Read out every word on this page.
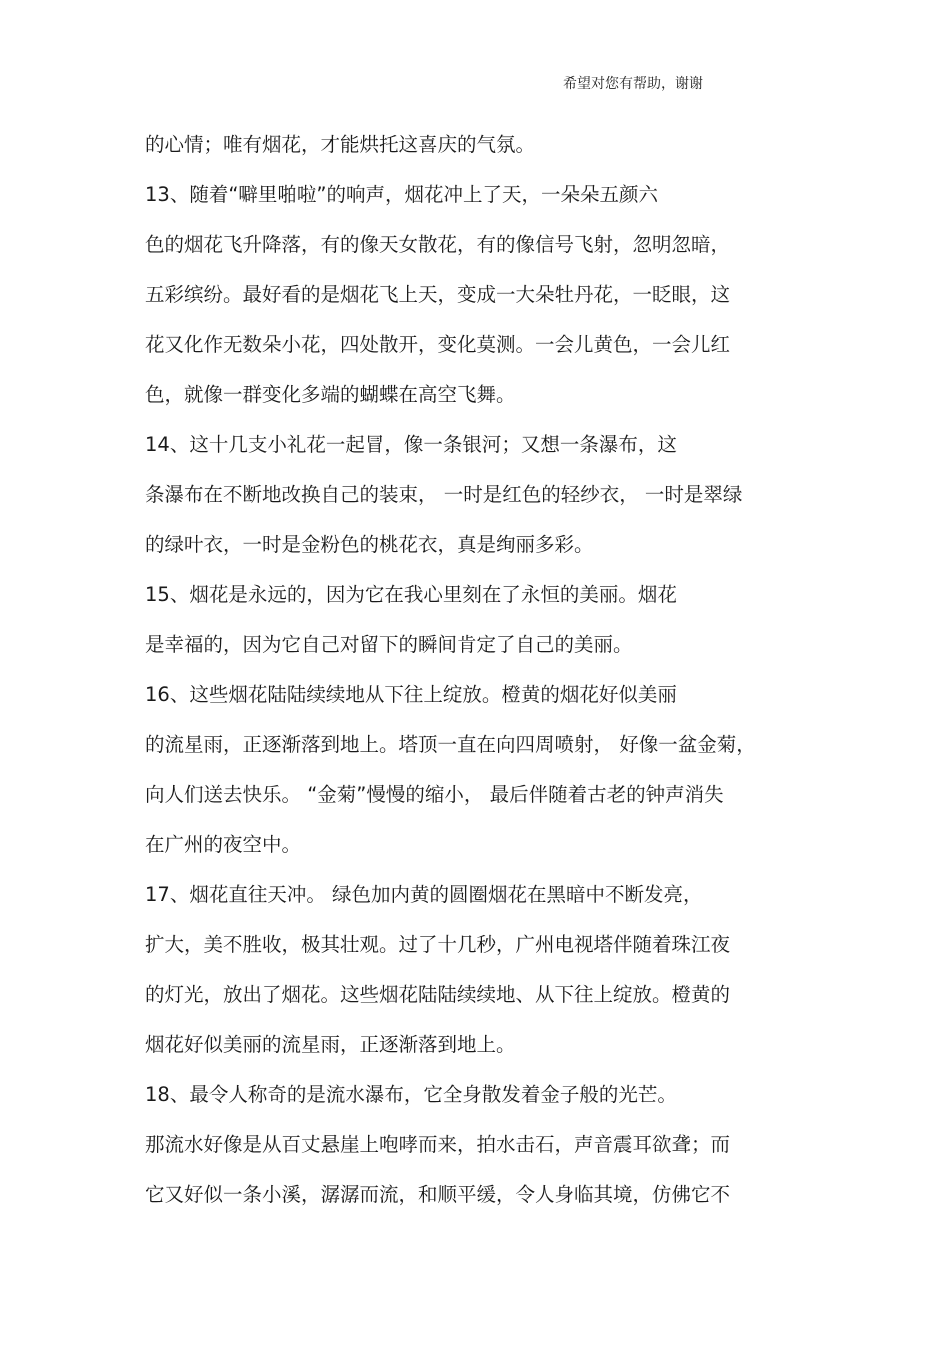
希望对您有帮助，谢谢
的心情；唯有烟花，才能烘托这喜庆的气氛。
13、随着“噼里啪啦”的响声，烟花冲上了天，一朵朵五颜六
色的烟花飞升降落，有的像天女散花，有的像信号飞射，忽明忽暗，
五彩缤纷。最好看的是烟花飞上天，变成一大朵牡丹花，一眨眼，这
花又化作无数朵小花，四处散开，变化莫测。一会儿黄色，一会儿红
色，就像一群变化多端的蝴蝶在高空飞舞。
14、这十几支小礼花一起冒，像一条银河；又想一条瀑布，这
条瀑布在不断地改换自己的装束， 一时是红色的轻纱衣， 一时是翠绿
的绿叶衣，一时是金粉色的桃花衣，真是绚丽多彩。
15、烟花是永远的，因为它在我心里刻在了永恒的美丽。烟花
是幸福的，因为它自己对留下的瞬间肯定了自己的美丽。
16、这些烟花陆陆续续地从下往上绽放。橙黄的烟花好似美丽
的流星雨，正逐渐落到地上。塔顶一直在向四周喷射， 好像一盆金菊，
向人们送去快乐。 “金菊”慢慢的缩小， 最后伴随着古老的钟声消失
在广州的夜空中。
17、烟花直往天冲。 绿色加内黄的圆圈烟花在黑暗中不断发亮，
扩大，美不胜收，极其壮观。过了十几秒，广州电视塔伴随着珠江夜
的灯光，放出了烟花。这些烟花陆陆续续地、从下往上绽放。橙黄的
烟花好似美丽的流星雨，正逐渐落到地上。
18、最令人称奇的是流水瀑布，它全身散发着金子般的光芒。
那流水好像是从百丈悬崖上咆哮而来，拍水击石，声音震耳欲聋；而
它又好似一条小溪，潺潺而流，和顺平缓，令人身临其境，仿佛它不
